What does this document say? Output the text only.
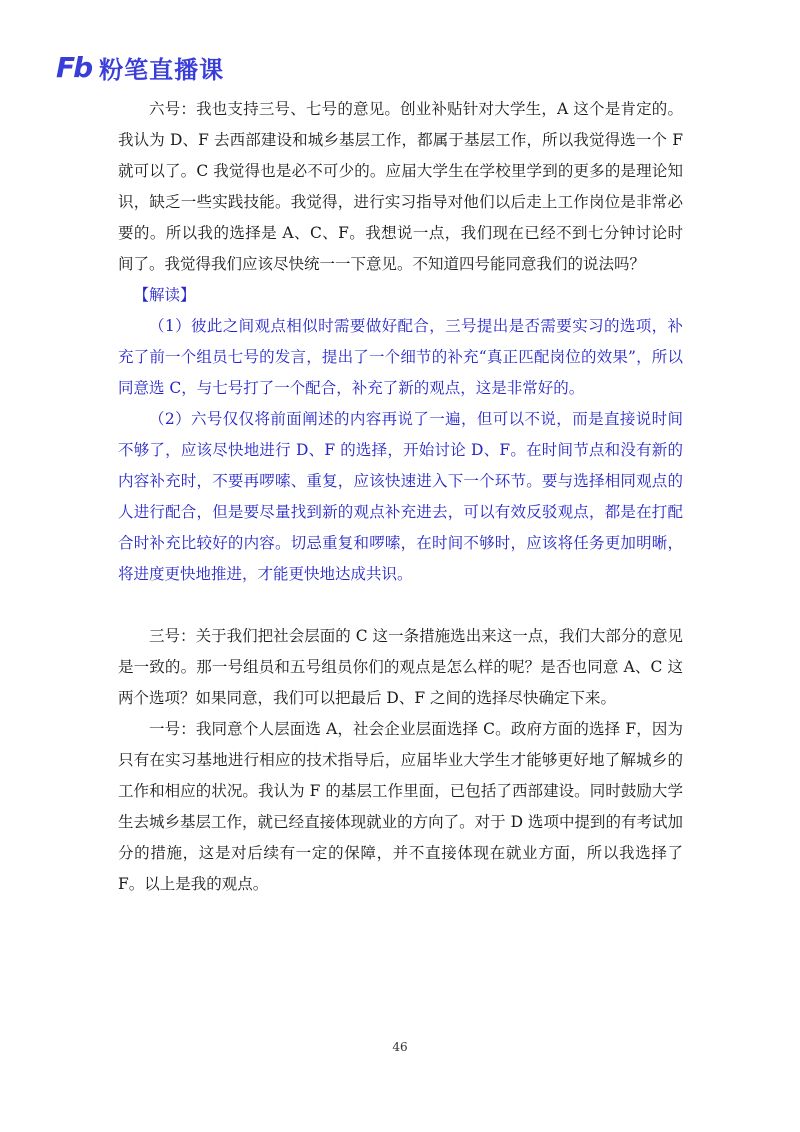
Fb 粉笔直播课

六号：我也支持三号、七号的意见。创业补贴针对大学生，A 这个是肯定的。我认为 D、F 去西部建设和城乡基层工作，都属于基层工作，所以我觉得选一个 F 就可以了。C 我觉得也是必不可少的。应届大学生在学校里学到的更多的是理论知识，缺乏一些实践技能。我觉得，进行实习指导对他们以后走上工作岗位是非常必要的。所以我的选择是 A、C、F。我想说一点，我们现在已经不到七分钟讨论时间了。我觉得我们应该尽快统一一下意见。不知道四号能同意我们的说法吗？

【解读】

（1）彼此之间观点相似时需要做好配合，三号提出是否需要实习的选项，补充了前一个组员七号的发言，提出了一个细节的补充“真正匹配岗位的效果”，所以同意选 C，与七号打了一个配合，补充了新的观点，这是非常好的。

（2）六号仅仅将前面阐述的内容再说了一遍，但可以不说，而是直接说时间不够了，应该尽快地进行 D、F 的选择，开始讨论 D、F。在时间节点和没有新的内容补充时，不要再啰嗦、重复，应该快速进入下一个环节。要与选择相同观点的人进行配合，但是要尽量找到新的观点补充进去，可以有效反驳观点，都是在打配合时补充比较好的内容。切忌重复和啰嗦，在时间不够时，应该将任务更加明晰，将进度更快地推进，才能更快地达成共识。

三号：关于我们把社会层面的 C 这一条措施选出来这一点，我们大部分的意见是一致的。那一号组员和五号组员你们的观点是怎么样的呢？是否也同意 A、C 这两个选项？如果同意，我们可以把最后 D、F 之间的选择尽快确定下来。

一号：我同意个人层面选 A，社会企业层面选择 C。政府方面的选择 F，因为只有在实习基地进行相应的技术指导后，应届毕业大学生才能够更好地了解城乡的工作和相应的状况。我认为 F 的基层工作里面，已包括了西部建设。同时鼓励大学生去城乡基层工作，就已经直接体现就业的方向了。对于 D 选项中提到的有考试加分的措施，这是对后续有一定的保障，并不直接体现在就业方面，所以我选择了 F。以上是我的观点。

46
